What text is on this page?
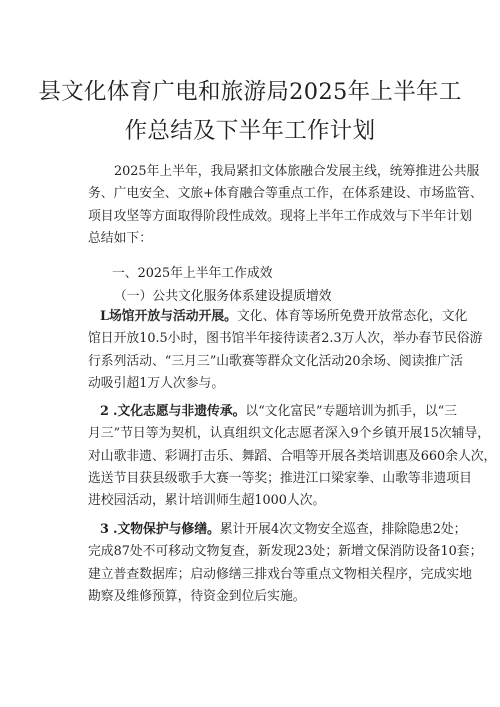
县文化体育广电和旅游局2025年上半年工
作总结及下半年工作计划
2025年上半年，我局紧扣文体旅融合发展主线，统筹推进公共服
务、广电安全、文旅+体育融合等重点工作，在体系建设、市场监管、
项目攻坚等方面取得阶段性成效。现将上半年工作成效与下半年计划
总结如下：
一、2025年上半年工作成效
（一）公共文化服务体系建设提质增效
L场馆开放与活动开展。文化、体育等场所免费开放常态化，文化
馆日开放10.5小时，图书馆半年接待读者2.3万人次，举办春节民俗游
行系列活动、“三月三”山歌赛等群众文化活动20余场、阅读推广活
动吸引超1万人次参与。
2 .文化志愿与非遗传承。以“文化富民”专题培训为抓手，以“三
月三”节日等为契机，认真组织文化志愿者深入9个乡镇开展15次辅导，
对山歌非遗、彩调打击乐、舞蹈、合唱等开展各类培训惠及660余人次，
选送节目获县级歌手大赛一等奖；推进江口梁家拳、山歌等非遗项目
进校园活动，累计培训师生超1000人次。
3 .文物保护与修缮。累计开展4次文物安全巡查，排除隐患2处；
完成87处不可移动文物复查，新发现23处；新增文保消防设备10套；
建立普查数据库；启动修缮三排戏台等重点文物相关程序，完成实地
勘察及维修预算，待资金到位后实施。
